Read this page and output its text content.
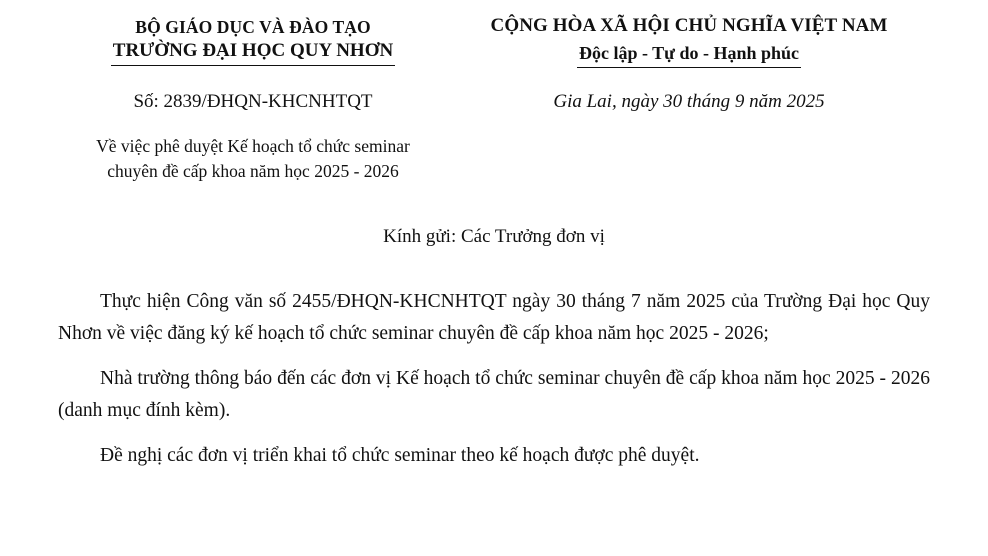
BỘ GIÁO DỤC VÀ ĐÀO TẠO
TRƯỜNG ĐẠI HỌC QUY NHƠN
CỘNG HÒA XÃ HỘI CHỦ NGHĨA VIỆT NAM
Độc lập - Tự do - Hạnh phúc
Số: 2839/ĐHQN-KHCNHTQT	Gia Lai, ngày 30 tháng 9 năm 2025
Về việc phê duyệt Kế hoạch tổ chức seminar
chuyên đề cấp khoa năm học 2025 - 2026
Kính gửi: Các Trưởng đơn vị

Thực hiện Công văn số 2455/ĐHQN-KHCNHTQT ngày 30 tháng 7 năm 2025 của Trường Đại học Quy Nhơn về việc đăng ký kế hoạch tổ chức seminar chuyên đề cấp khoa năm học 2025 - 2026;

Nhà trường thông báo đến các đơn vị Kế hoạch tổ chức seminar chuyên đề cấp khoa năm học 2025 - 2026 (danh mục đính kèm).

Đề nghị các đơn vị triển khai tổ chức seminar theo kế hoạch được phê duyệt.
